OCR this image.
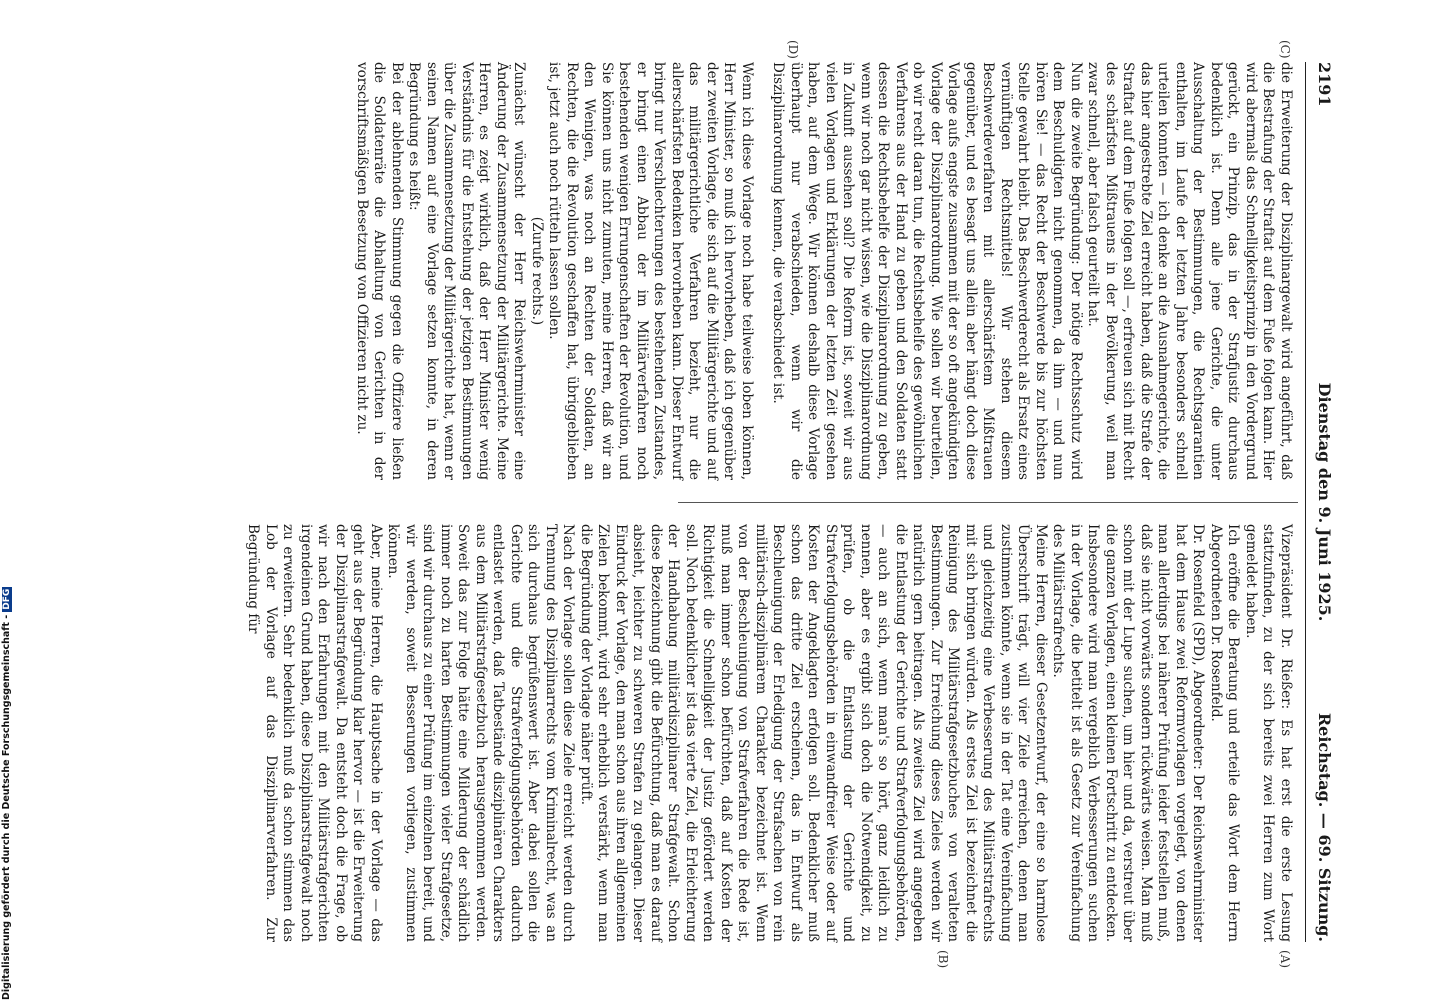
2191
Dienstag den 9. Juni 1925.
Reichstag. — 69. Sitzung.
(C)
(D)
(A)
(B)

die Erweiterung der Disziplinargewalt wird angeführt, daß die Bestrafung der Straftat auf dem Fuße folgen kann. Hier wird abermals das Schnelligkeitsprinzip in den Vordergrund gerückt, ein Prinzip, das in der Strafjustiz durchaus bedenklich ist. Denn alle jene Gerichte, die unter Ausschaltung der Bestimmungen, die Rechtsgarantien enthalten, im Laufe der letzten Jahre besonders schnell urteilen konnten — ich denke an die Ausnahmegerichte, die das hier angestrebte Ziel erreicht haben, daß die Strafe der Straftat auf dem Fuße folgen soll —, erfreuen sich mit Recht des schärfsten Mißtrauens in der Bevölkerung, weil man zwar schnell, aber falsch geurteilt hat.

Nun die zweite Begründung: Der nötige Rechtsschutz wird dem Beschuldigten nicht genommen, da ihm — und nun hören Sie! — das Recht der Beschwerde bis zur höchsten Stelle gewahrt bleibt. Das Beschwerderecht als Ersatz eines vernünftigen Rechtsmittels! Wir stehen diesem Beschwerdeverfahren mit allerschärfstem Mißtrauen gegenüber, und es besagt uns allein aber hängt doch diese Vorlage aufs engste zusammen mit der so oft angekündigten Vorlage der Disziplinarordnung. Wie sollen wir beurteilen, ob wir recht daran tun, die Rechtsbehelfe des gewöhnlichen Verfahrens aus der Hand zu geben und den Soldaten statt dessen die Rechtsbehelfe der Disziplinarordnung zu geben, wenn wir noch gar nicht wissen, wie die Disziplinarordnung in Zukunft aussehen soll? Die Reform ist, soweit wir aus vielen Vorlagen und Erklärungen der letzten Zeit gesehen haben, auf dem Wege. Wir können deshalb diese Vorlage überhaupt nur verabschieden, wenn wir die Disziplinarordnung kennen, die verabschiedet ist.

Wenn ich diese Vorlage noch habe teilweise loben können, Herr Minister, so muß ich hervorheben, daß ich gegenüber der zweiten Vorlage, die sich auf die Militärgerichte und auf das militärgerichtliche Verfahren bezieht, nur die allerschärfsten Bedenken hervorheben kann. Dieser Entwurf bringt nur Verschlechterungen des bestehenden Zustandes, er bringt einen Abbau der im Militärverfahren noch bestehenden wenigen Errungenschaften der Revolution, und Sie können uns nicht zumuten, meine Herren, daß wir an den Wenigen, was noch an Rechten der Soldaten, an Rechten, die die Revolution geschaffen hat, übriggeblieben ist, jetzt auch noch rütteln lassen sollen.

(Zurufe rechts.)

Zunächst wünscht der Herr Reichswehrminister eine Änderung der Zusammensetzung der Militärgerichte. Meine Herren, es zeigt wirklich, daß der Herr Minister wenig Verständnis für die Entstehung der jetzigen Bestimmungen über die Zusammensetzung der Militärgerichte hat, wenn er seinen Namen auf eine Vorlage setzen konnte, in deren Begründung es heißt:

Bei der ablehnenden Stimmung gegen die Offiziere ließen die Soldatenräte die Abhaltung von Gerichten in der vorschriftsmäßigen Besetzung von Offizieren nicht zu.

Vizepräsident Dr. Rießer: Es hat erst die erste Lesung stattzufinden, zu der sich bereits zwei Herren zum Wort gemeldet haben.

Ich eröffne die Beratung und erteile das Wort dem Herrn Abgeordneten Dr. Rosenfeld.

Dr. Rosenfeld (SPD), Abgeordneter: Der Reichswehrminister hat dem Hause zwei Reformvorlagen vorgelegt, von denen man allerdings bei näherer Prüfung leider feststellen muß, daß sie nicht vorwärts sondern rückwärts weisen. Man muß schon mit der Lupe suchen, um hier und da, verstreut über die ganzen Vorlagen, einen kleinen Fortschritt zu entdecken. Insbesondere wird man vergeblich Verbesserungen suchen in der Vorlage, die betitelt ist als Gesetz zur Vereinfachung des Militärstrafrechts.

Meine Herren, dieser Gesetzentwurf, der eine so harmlose Überschrift trägt, will vier Ziele erreichen, denen man zustimmen könnte, wenn sie in der Tat eine Vereinfachung und gleichzeitig eine Verbesserung des Militärstrafrechts mit sich bringen würden. Als erstes Ziel ist bezeichnet die Reinigung des Militärstrafgesetzbuches von veralteten Bestimmungen. Zur Erreichung dieses Zieles werden wir natürlich gern beitragen. Als zweites Ziel wird angegeben die Entlastung der Gerichte und Strafverfolgungsbehörden, — auch an sich, wenn man's so hört, ganz leidlich zu nennen, aber es ergibt sich doch die Notwendigkeit, zu prüfen, ob die Entlastung der Gerichte und Strafverfolgungsbehörden in einwandfreier Weise oder auf Kosten der Angeklagten erfolgen soll. Bedenklicher muß schon das dritte Ziel erscheinen, das in Entwurf als Beschleunigung der Erledigung der Strafsachen von rein militärisch-disziplinärem Charakter bezeichnet ist. Wenn von der Beschleunigung von Strafverfahren die Rede ist, muß man immer schon befürchten, daß auf Kosten der Richtigkeit die Schnelligkeit der Justiz gefördert werden soll. Noch bedenklicher ist das vierte Ziel, die Erleichterung der Handhabung militärdisziplinarer Strafgewalt. Schon diese Bezeichnung gibt die Befürchtung, daß man es darauf absieht, leichter zu schweren Strafen zu gelangen. Dieser Eindruck der Vorlage, den man schon aus ihren allgemeinen Zielen bekommt, wird sehr erheblich verstärkt, wenn man die Begründung der Vorlage näher prüft.

Nach der Vorlage sollen diese Ziele erreicht werden durch Trennung des Disziplinarrechts vom Kriminalrecht, was an sich durchaus begrüßenswert ist. Aber dabei sollen die Gerichte und die Strafverfolgungsbehörden dadurch entlastet werden, daß Tatbestände disziplinären Charakters aus dem Militärstrafgesetzbuch herausgenommen werden. Soweit das zur Folge hätte eine Milderung der schädlich immer noch zu harten Bestimmungen vieler Strafgesetze, sind wir durchaus zu einer Prüfung im einzelnen bereit, und wir werden, soweit Besserungen vorliegen, zustimmen können.

Aber, meine Herren, die Hauptsache in der Vorlage — das geht aus der Begründung klar hervor — ist die Erweiterung der Disziplinarstrafgewalt. Da entsteht doch die Frage, ob wir nach den Erfahrungen mit den Militärstrafgerichten irgendeinen Grund haben, diese Disziplinarstrafgewalt noch zu erweitern. Sehr bedenklich muß da schon stimmen das Lob der Vorlage auf das Disziplinarverfahren. Zur Begründung für

Digitalisierung gefördert durch die Deutsche Forschungsgemeinschaft -DFG
